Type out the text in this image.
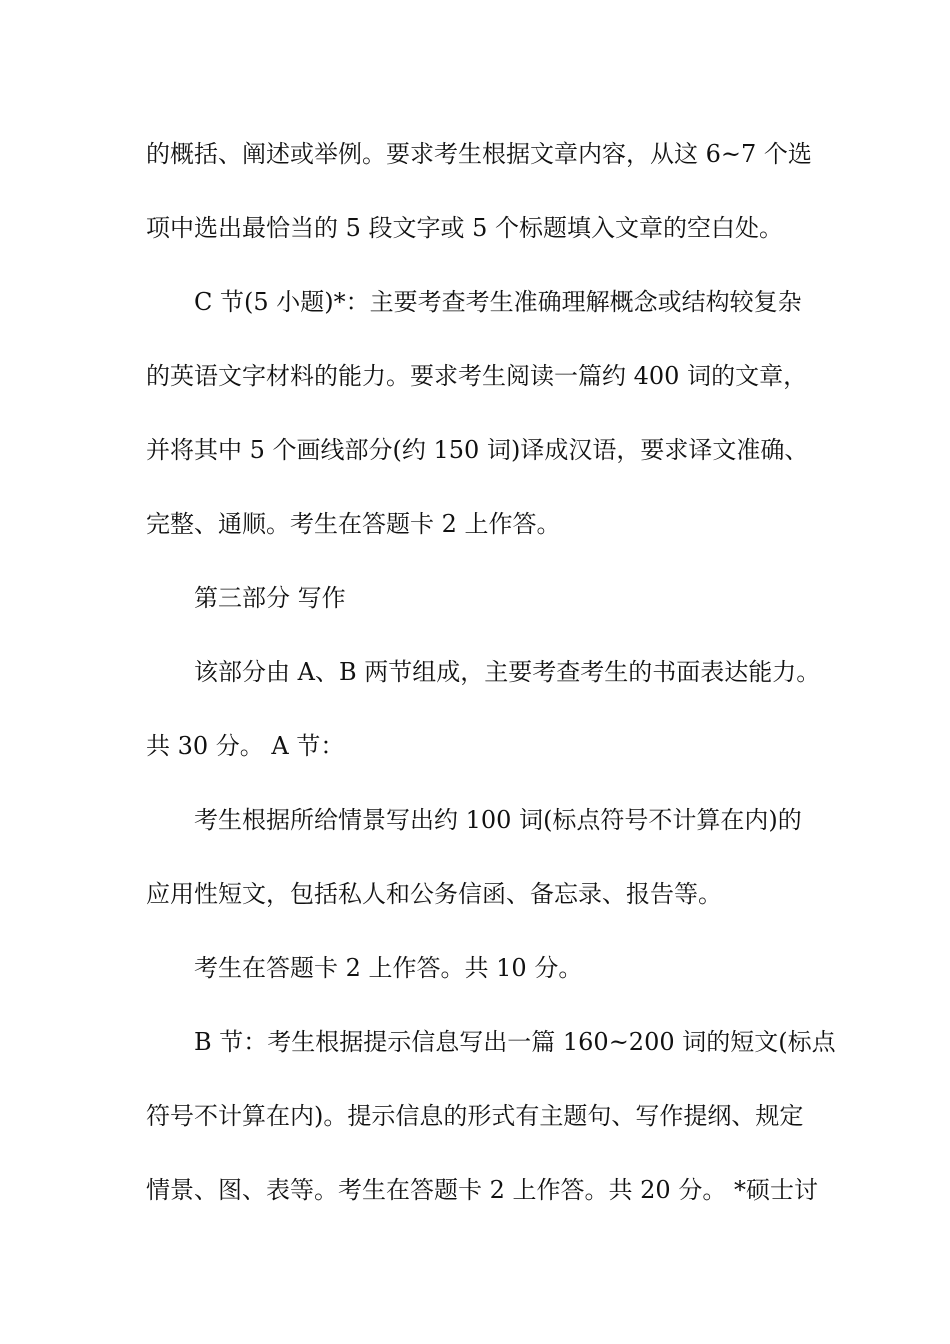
的概括、阐述或举例。要求考生根据文章内容，从这 6~7 个选
项中选出最恰当的 5 段文字或 5 个标题填入文章的空白处。
C 节(5 小题)*：主要考查考生准确理解概念或结构较复杂
的英语文字材料的能力。要求考生阅读一篇约 400 词的文章，
并将其中 5 个画线部分(约 150 词)译成汉语，要求译文准确、
完整、通顺。考生在答题卡 2 上作答。
第三部分 写作
该部分由 A、B 两节组成，主要考查考生的书面表达能力。
共 30 分。 A 节：
考生根据所给情景写出约 100 词(标点符号不计算在内)的
应用性短文，包括私人和公务信函、备忘录、报告等。
考生在答题卡 2 上作答。共 10 分。
B 节：考生根据提示信息写出一篇 160~200 词的短文(标点
符号不计算在内)。提示信息的形式有主题句、写作提纲、规定
情景、图、表等。考生在答题卡 2 上作答。共 20 分。 *硕士讨
